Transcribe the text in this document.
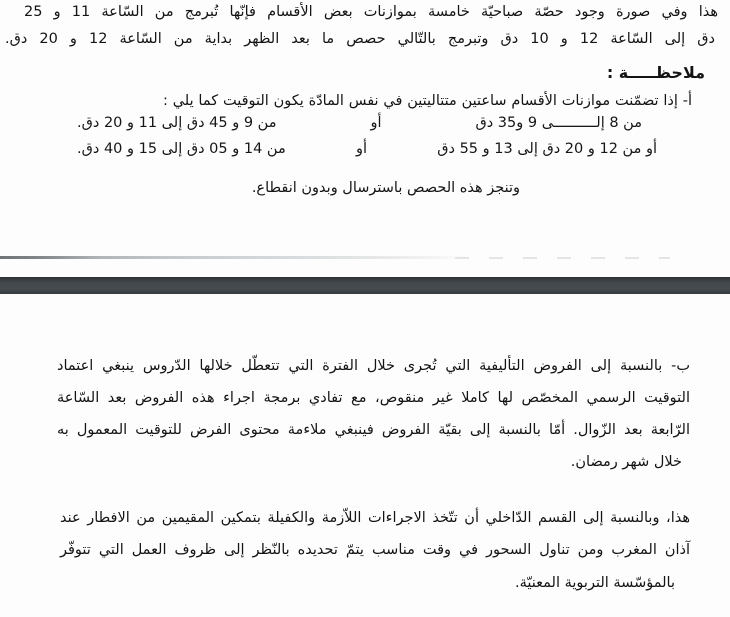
هذا وفي صورة وجود حصّة صباحيّة خامسة بموازنات بعض الأقسام فإنّها تُبرمج من السّاعة 11 و 25
دق إلى السّاعة 12 و 10 دق وتبرمج بالتّالي حصص ما بعد الظهر بداية من السّاعة 12 و 20 دق.
ملاحظـــــة :
أ- إذا تضمّنت موازنات الأقسام ساعتين متتاليتين في نفس المادّة يكون التوقيت كما يلي :
من 8 إلــــــــــى 9 و35 دق
أو
من 9 و 45 دق إلى 11 و 20 دق.
أو من 12 و 20 دق إلى 13 و 55 دق
أو
من 14 و 05 دق إلى 15 و 40 دق.
وتنجز هذه الحصص باسترسال وبدون انقطاع.
ب- بالنسبة إلى الفروض التأليفية التي تُجرى خلال الفترة التي تتعطّل خلالها الدّروس ينبغي اعتماد
التوقيت الرسمي المخصّص لها كاملا غير منقوص، مع تفادي برمجة اجراء هذه الفروض بعد السّاعة
الرّابعة بعد الزّوال. أمّا بالنسبة إلى بقيّة الفروض فينبغي ملاءمة محتوى الفرض للتوقيت المعمول به
خلال شهر رمضان.
هذا، وبالنسبة إلى القسم الدّاخلي أن تتّخذ الاجراءات اللاّزمة والكفيلة بتمكين المقيمين من الافطار عند
آذان المغرب ومن تناول السحور في وقت مناسب يتمّ تحديده بالنّظر إلى ظروف العمل التي تتوفّر
بالمؤسّسة التربوية المعنيّة.
